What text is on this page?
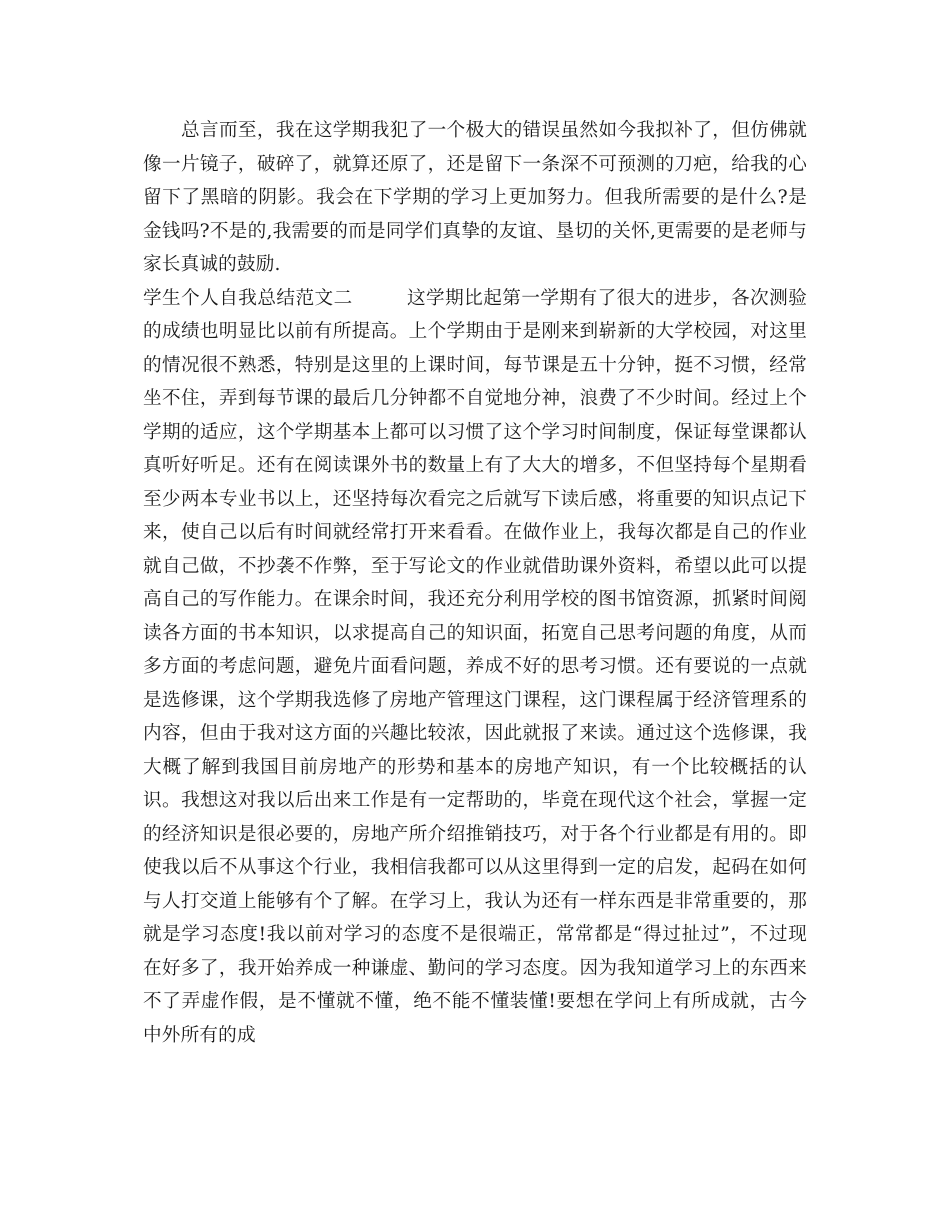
总言而至，我在这学期我犯了一个极大的错误虽然如今我拟补了，但仿佛就像一片镜子，破碎了，就算还原了，还是留下一条深不可预测的刀疤，给我的心留下了黑暗的阴影。我会在下学期的学习上更加努力。但我所需要的是什么?是金钱吗?不是的,我需要的而是同学们真挚的友谊、垦切的关怀,更需要的是老师与家长真诚的鼓励.

学生个人自我总结范文二	这学期比起第一学期有了很大的进步，各次测验的成绩也明显比以前有所提高。上个学期由于是刚来到崭新的大学校园，对这里的情况很不熟悉，特别是这里的上课时间，每节课是五十分钟，挺不习惯，经常坐不住，弄到每节课的最后几分钟都不自觉地分神，浪费了不少时间。经过上个学期的适应，这个学期基本上都可以习惯了这个学习时间制度，保证每堂课都认真听好听足。还有在阅读课外书的数量上有了大大的增多，不但坚持每个星期看至少两本专业书以上，还坚持每次看完之后就写下读后感，将重要的知识点记下来，使自己以后有时间就经常打开来看看。在做作业上，我每次都是自己的作业就自己做，不抄袭不作弊，至于写论文的作业就借助课外资料，希望以此可以提高自己的写作能力。在课余时间，我还充分利用学校的图书馆资源，抓紧时间阅读各方面的书本知识，以求提高自己的知识面，拓宽自己思考问题的角度，从而多方面的考虑问题，避免片面看问题，养成不好的思考习惯。还有要说的一点就是选修课，这个学期我选修了房地产管理这门课程，这门课程属于经济管理系的内容，但由于我对这方面的兴趣比较浓，因此就报了来读。通过这个选修课，我大概了解到我国目前房地产的形势和基本的房地产知识，有一个比较概括的认识。我想这对我以后出来工作是有一定帮助的，毕竟在现代这个社会，掌握一定的经济知识是很必要的，房地产所介绍推销技巧，对于各个行业都是有用的。即使我以后不从事这个行业，我相信我都可以从这里得到一定的启发，起码在如何与人打交道上能够有个了解。在学习上，我认为还有一样东西是非常重要的，那就是学习态度!我以前对学习的态度不是很端正，常常都是“得过扯过”，不过现在好多了，我开始养成一种谦虚、勤问的学习态度。因为我知道学习上的东西来不了弄虚作假，是不懂就不懂，绝不能不懂装懂!要想在学问上有所成就，古今中外所有的成
